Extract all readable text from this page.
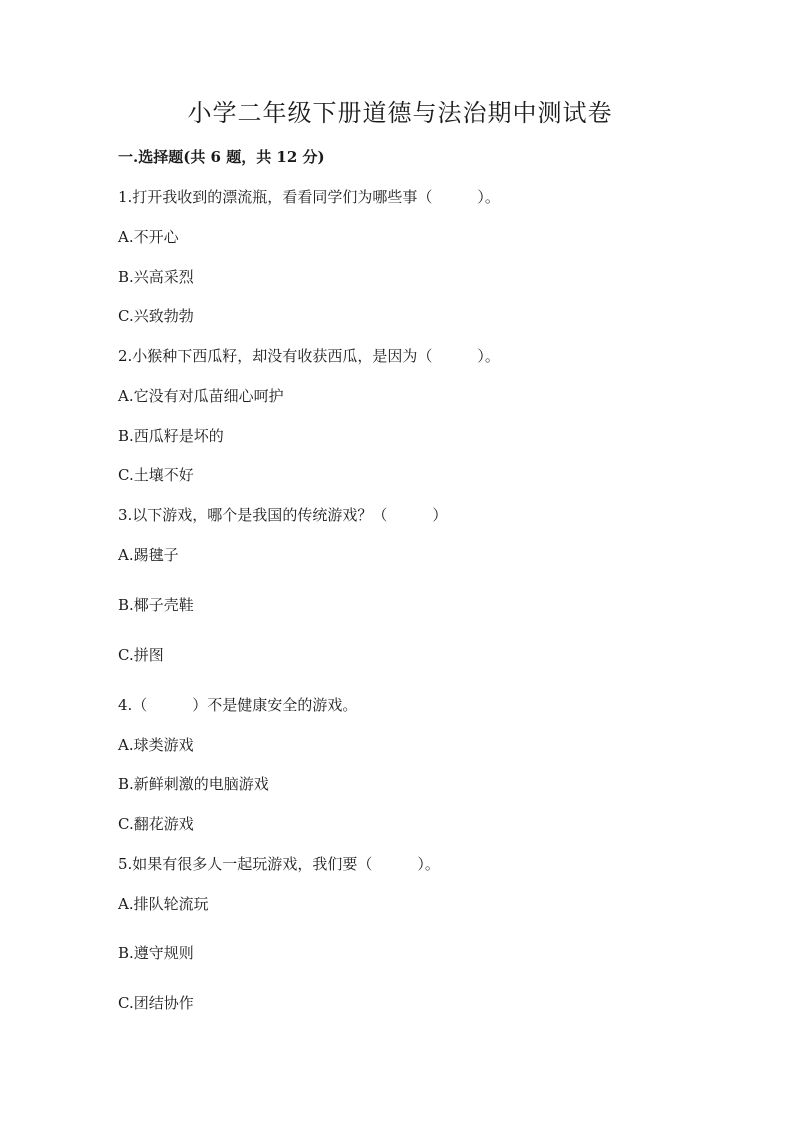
小学二年级下册道德与法治期中测试卷
一.选择题(共 6 题，共 12 分)
1.打开我收到的漂流瓶，看看同学们为哪些事（　　　）。
A.不开心
B.兴高采烈
C.兴致勃勃
2.小猴种下西瓜籽，却没有收获西瓜，是因为（　　　）。
A.它没有对瓜苗细心呵护
B.西瓜籽是坏的
C.土壤不好
3.以下游戏，哪个是我国的传统游戏？（　　　）
A.踢毽子
B.椰子壳鞋
C.拼图
4.（　　　）不是健康安全的游戏。
A.球类游戏
B.新鲜刺激的电脑游戏
C.翻花游戏
5.如果有很多人一起玩游戏，我们要（　　　）。
A.排队轮流玩
B.遵守规则
C.团结协作
